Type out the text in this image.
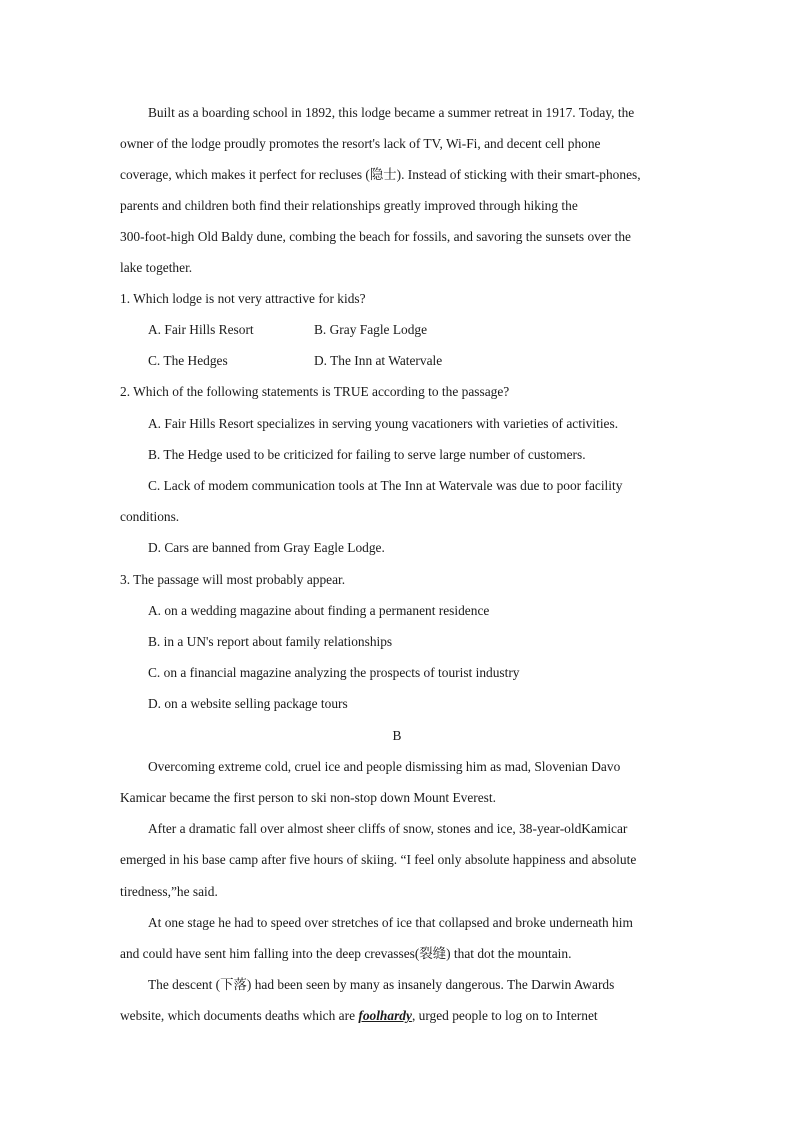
Built as a boarding school in 1892, this lodge became a summer retreat in 1917. Today, the
owner of the lodge proudly promotes the resort's lack of TV, Wi-Fi, and decent cell phone
coverage, which makes it perfect for recluses (隐士). Instead of sticking with their smart-phones,
parents and children both find their relationships greatly improved through hiking the
300-foot-high Old Baldy dune, combing the beach for fossils, and savoring the sunsets over the
lake together.
1. Which lodge is not very attractive for kids?
A. Fair Hills Resort	B. Gray Fagle Lodge
C. The Hedges	D. The Inn at Watervale
2. Which of the following statements is TRUE according to the passage?
A. Fair Hills Resort specializes in serving young vacationers with varieties of activities.
B. The Hedge used to be criticized for failing to serve large number of customers.
C. Lack of modem communication tools at The Inn at Watervale was due to poor facility
conditions.
D. Cars are banned from Gray Eagle Lodge.
3. The passage will most probably appear.
A. on a wedding magazine about finding a permanent residence
B. in a UN's report about family relationships
C. on a financial magazine analyzing the prospects of tourist industry
D. on a website selling package tours
B
Overcoming extreme cold, cruel ice and people dismissing him as mad, Slovenian Davo
Kamicar became the first person to ski non-stop down Mount Everest.
After a dramatic fall over almost sheer cliffs of snow, stones and ice, 38-year-oldKamicar
emerged in his base camp after five hours of skiing. “I feel only absolute happiness and absolute
tiredness,”he said.
At one stage he had to speed over stretches of ice that collapsed and broke underneath him
and could have sent him falling into the deep crevasses(裂缝) that dot the mountain.
The descent (下落) had been seen by many as insanely dangerous. The Darwin Awards
website, which documents deaths which are foolhardy, urged people to log on to Internet
